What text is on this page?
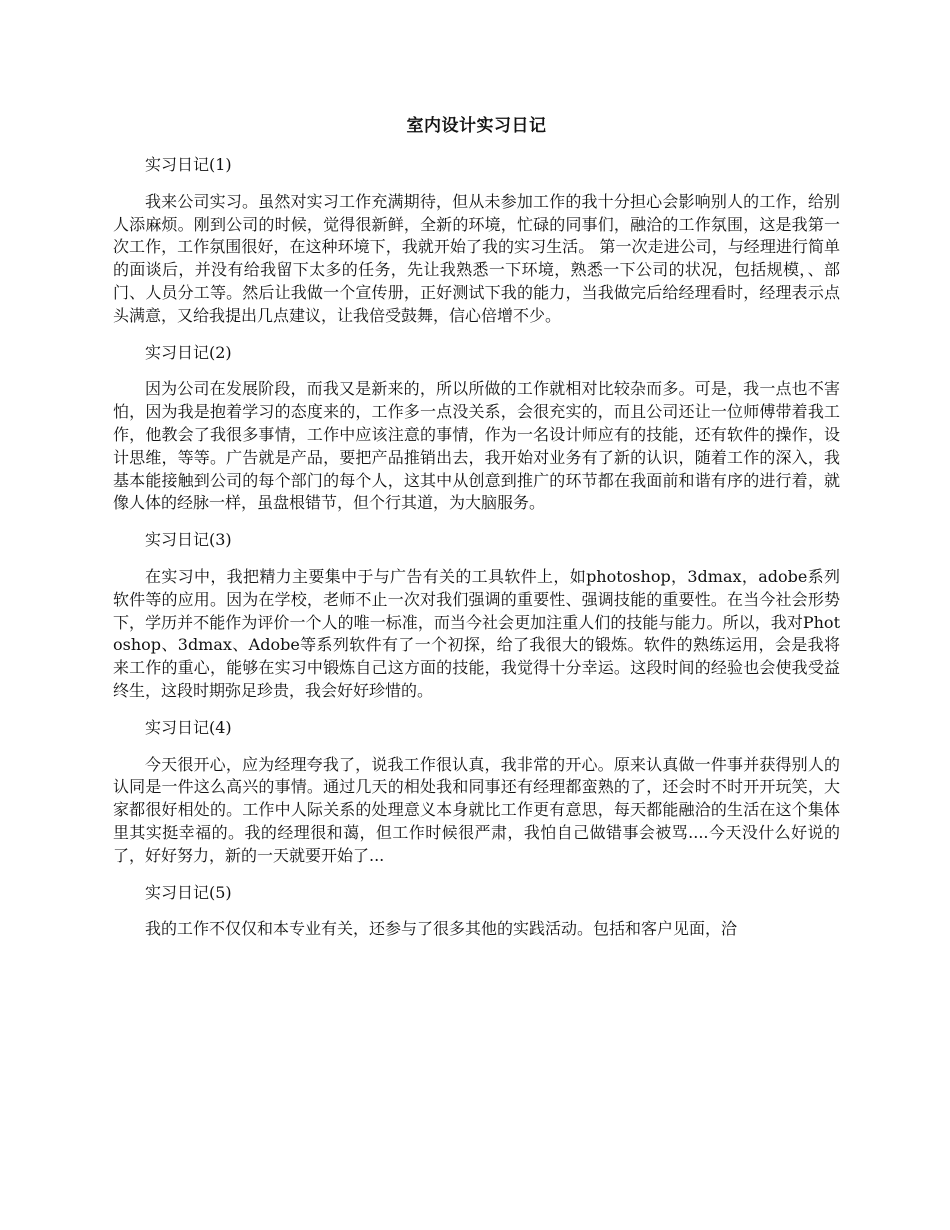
室内设计实习日记

实习日记(1)

我来公司实习。虽然对实习工作充满期待，但从未参加工作的我十分担心会影响别人的工作，给别人添麻烦。刚到公司的时候，觉得很新鲜，全新的环境，忙碌的同事们，融洽的工作氛围，这是我第一次工作，工作氛围很好，在这种环境下，我就开始了我的实习生活。 第一次走进公司，与经理进行简单的面谈后，并没有给我留下太多的任务，先让我熟悉一下环境，熟悉一下公司的状况，包括规模，、部门、人员分工等。然后让我做一个宣传册，正好测试下我的能力，当我做完后给经理看时，经理表示点头满意，又给我提出几点建议，让我倍受鼓舞，信心倍增不少。

实习日记(2)

因为公司在发展阶段，而我又是新来的，所以所做的工作就相对比较杂而多。可是，我一点也不害怕，因为我是抱着学习的态度来的，工作多一点没关系，会很充实的，而且公司还让一位师傅带着我工作，他教会了我很多事情，工作中应该注意的事情，作为一名设计师应有的技能，还有软件的操作，设计思维，等等。广告就是产品，要把产品推销出去，我开始对业务有了新的认识，随着工作的深入，我基本能接触到公司的每个部门的每个人，这其中从创意到推广的环节都在我面前和谐有序的进行着，就像人体的经脉一样，虽盘根错节，但个行其道，为大脑服务。

实习日记(3)

在实习中，我把精力主要集中于与广告有关的工具软件上，如photoshop，3dmax，adobe系列软件等的应用。因为在学校，老师不止一次对我们强调的重要性、强调技能的重要性。在当今社会形势下，学历并不能作为评价一个人的唯一标准，而当今社会更加注重人们的技能与能力。所以，我对Photoshop、3dmax、Adobe等系列软件有了一个初探，给了我很大的锻炼。软件的熟练运用，会是我将来工作的重心，能够在实习中锻炼自己这方面的技能，我觉得十分幸运。这段时间的经验也会使我受益终生，这段时期弥足珍贵，我会好好珍惜的。

实习日记(4)

今天很开心，应为经理夸我了，说我工作很认真，我非常的开心。原来认真做一件事并获得别人的认同是一件这么高兴的事情。通过几天的相处我和同事还有经理都蛮熟的了，还会时不时开开玩笑，大家都很好相处的。工作中人际关系的处理意义本身就比工作更有意思，每天都能融洽的生活在这个集体里其实挺幸福的。我的经理很和蔼，但工作时候很严肃，我怕自己做错事会被骂....今天没什么好说的了，好好努力，新的一天就要开始了...

实习日记(5)

我的工作不仅仅和本专业有关，还参与了很多其他的实践活动。包括和客户见面，洽
